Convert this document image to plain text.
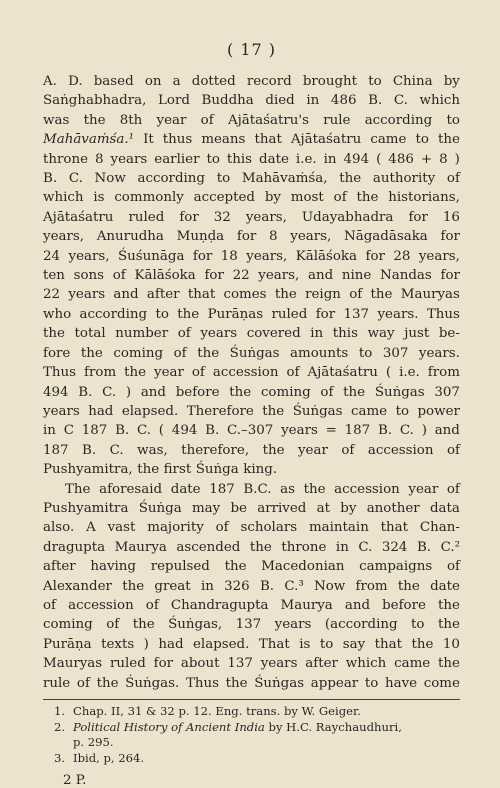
( 17 )
A. D. based on a dotted record brought to China by
Saṅghabhadra, Lord Buddha died in 486 B. C. which
was the 8th year of Ajātaśatru's rule according to
Mahāvaṁśa.¹ It thus means that Ajātaśatru came to the
throne 8 years earlier to this date i.e. in 494 ( 486 + 8 )
B. C. Now according to Mahāvaṁśa, the authority of
which is commonly accepted by most of the historians,
Ajātaśatru ruled for 32 years, Udayabhadra for 16
years, Anurudha Muṇḍa for 8 years, Nāgadāsaka for
24 years, Śuśunāga for 18 years, Kālāśoka for 28 years,
ten sons of Kālāśoka for 22 years, and nine Nandas for
22 years and after that comes the reign of the Mauryas
who according to the Purāṇas ruled for 137 years. Thus
the total number of years covered in this way just be-
fore the coming of the Śuṅgas amounts to 307 years.
Thus from the year of accession of Ajātaśatru ( i.e. from
494 B. C. ) and before the coming of the Śuṅgas 307
years had elapsed. Therefore the Śuṅgas came to power
in C 187 B. C. ( 494 B. C.–307 years = 187 B. C. ) and
187 B. C. was, therefore, the year of accession of
Pushyamitra, the first Śuṅga king.
The aforesaid date 187 B.C. as the accession year of
Pushyamitra Śuṅga may be arrived at by another data
also. A vast majority of scholars maintain that Chan-
dragupta Maurya ascended the throne in C. 324 B. C.²
after having repulsed the Macedonian campaigns of
Alexander the great in 326 B. C.³ Now from the date
of accession of Chandragupta Maurya and before the
coming of the Śuṅgas, 137 years (according to the
Purāṇa texts ) had elapsed. That is to say that the 10
Mauryas ruled for about 137 years after which came the
rule of the Śuṅgas. Thus the Śuṅgas appear to have come
1. Chap. II, 31 & 32 p. 12. Eng. trans. by W. Geiger.
2. Political History of Ancient India by H.C. Raychaudhuri,
p. 295.
3. Ibid, p, 264.
2 P.
